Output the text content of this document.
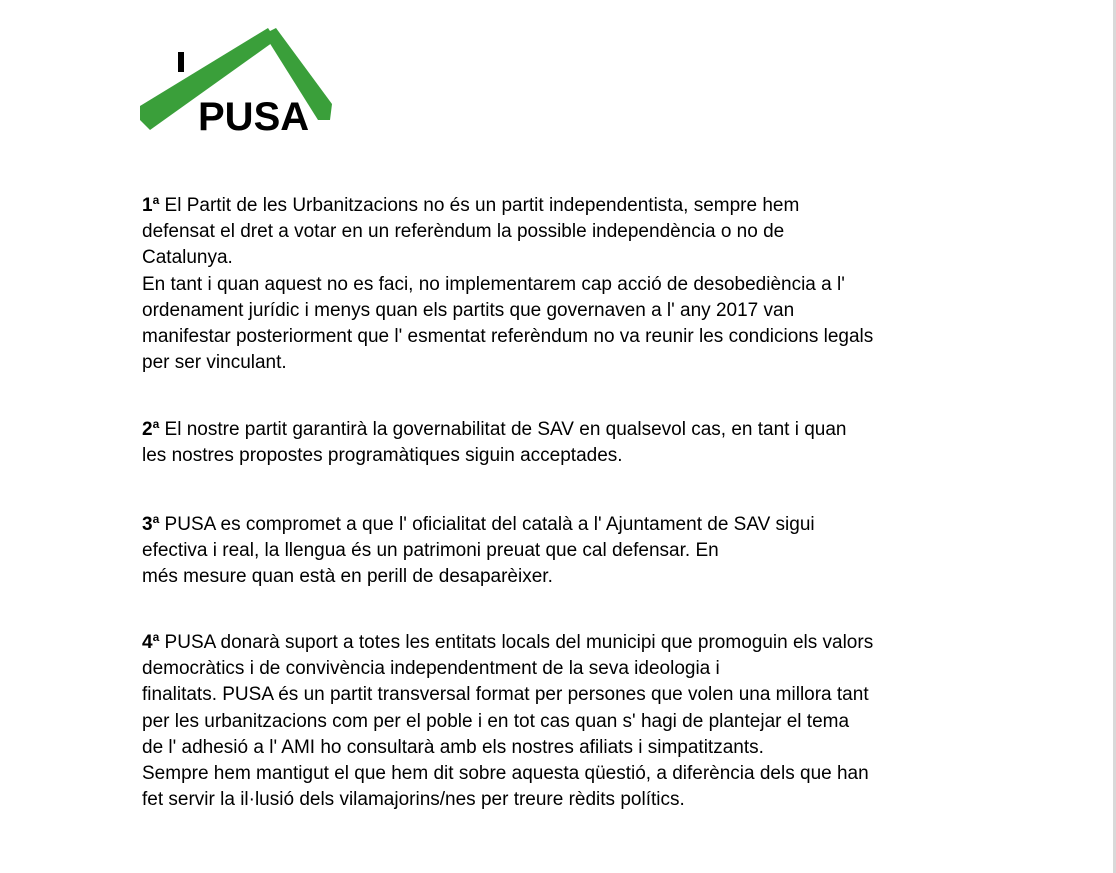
PUSA

1$^a$ El Partit de les Urbanitzacions no és un partit independentista, sempre hem

defensat el dret a votar en un referèndum la possible independència o no de

Catalunya.

En tant i quan aquest no es faci, no implementarem cap acció de desobediència a l'

ordenament jurídic i menys quan els partits que governaven a l' any 2017 van

manifestar posteriorment que l' esmentat referèndum no va reunir les condicions legals

per ser vinculant.

2$^a$ El nostre partit garantirà la governabilitat de SAV en qualsevol cas, en tant i quan

les nostres propostes programàtiques siguin acceptades.

3$^a$ PUSA es compromet a que l' oficialitat del català a l' Ajuntament de SAV sigui

efectiva i real, la llengua és un patrimoni preuat que cal defensar. En

més mesure quan està en perill de desaparèixer.

4$^a$ PUSA donarà suport a totes les entitats locals del municipi que promoguin els valors

democràtics i de convivència independentment de la seva ideologia i

finalitats. PUSA és un partit transversal format per persones que volen una millora tant

per les urbanitzacions com per el poble i en tot cas quan s' hagi de plantejar el tema

de l' adhesió a l' AMI ho consultarà amb els nostres afiliats i simpatitzants.

Sempre hem mantigut el que hem dit sobre aquesta qüestió, a diferència dels que han

fet servir la il·lusió dels vilamajorins/nes per treure rèdits polítics.
